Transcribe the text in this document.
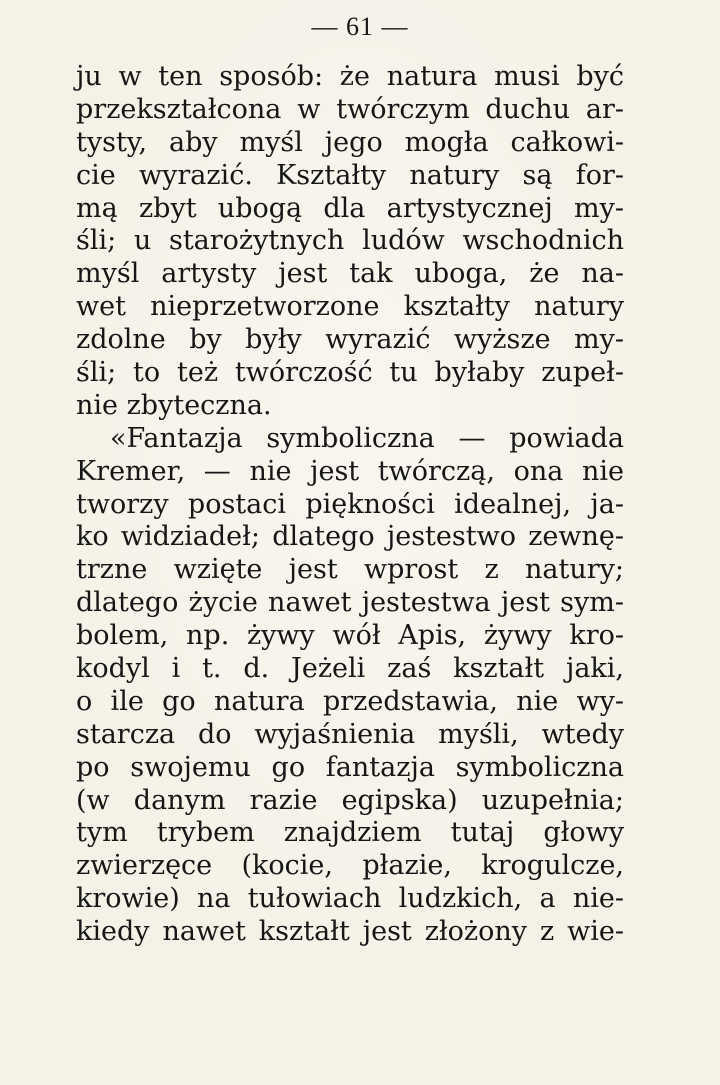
— 61 —
ju w ten sposób: że natura musi być
przekształcona w twórczym duchu ar-
tysty, aby myśl jego mogła całkowi-
cie wyrazić. Kształty natury są for-
mą zbyt ubogą dla artystycznej my-
śli; u starożytnych ludów wschodnich
myśl artysty jest tak uboga, że na-
wet nieprzetworzone kształty natury
zdolne by były wyrazić wyższe my-
śli; to też twórczość tu byłaby zupeł-
nie zbyteczna.
«Fantazja symboliczna — powiada
Kremer, — nie jest twórczą, ona nie
tworzy postaci piękności idealnej, ja-
ko widziadeł; dlatego jestestwo zewnę-
trzne wzięte jest wprost z natury;
dlatego życie nawet jestestwa jest sym-
bolem, np. żywy wół Apis, żywy kro-
kodyl i t. d. Jeżeli zaś kształt jaki,
o ile go natura przedstawia, nie wy-
starcza do wyjaśnienia myśli, wtedy
po swojemu go fantazja symboliczna
(w danym razie egipska) uzupełnia;
tym trybem znajdziem tutaj głowy
zwierzęce (kocie, płazie, krogulcze,
krowie) na tułowiach ludzkich, a nie-
kiedy nawet kształt jest złożony z wie-
